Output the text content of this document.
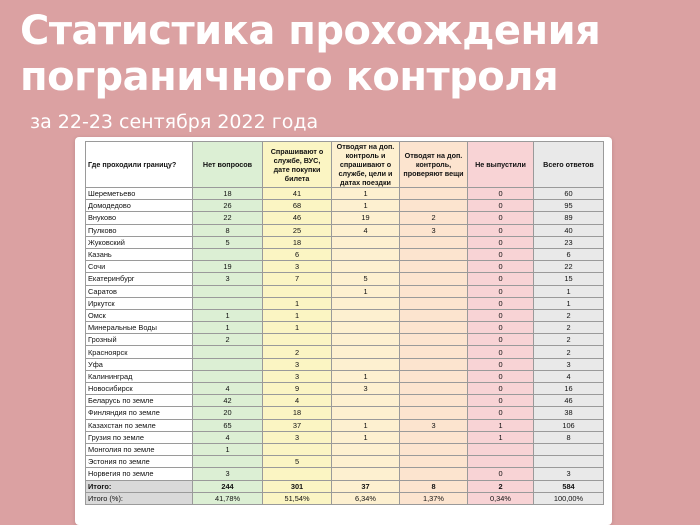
Статистика прохождения
пограничного контроля
за 22-23 сентября 2022 года
Где проходили границу?	Нет вопросов	Спрашивают о службе, ВУС, дате покупки билета	Отводят на доп. контроль и спрашивают о службе, цели и датах поездки	Отводят на доп. контроль, проверяют вещи	Не выпустили	Всего ответов
Шереметьево	18	41	1		0	60
Домодедово	26	68	1		0	95
Внуково	22	46	19	2	0	89
Пулково	8	25	4	3	0	40
Жуковский	5	18			0	23
Казань		6			0	6
Сочи	19	3			0	22
Екатеринбург	3	7	5		0	15
Саратов			1		0	1
Иркутск		1			0	1
Омск	1	1			0	2
Минеральные Воды	1	1			0	2
Грозный	2				0	2
Красноярск		2			0	2
Уфа		3			0	3
Калининград		3	1		0	4
Новосибирск	4	9	3		0	16
Беларусь по земле	42	4			0	46
Финляндия по земле	20	18			0	38
Казахстан по земле	65	37	1	3	1	106
Грузия по земле	4	3	1		1	8
Монголия по земле	1					
Эстония по земле		5				
Норвегия по земле	3				0	3
Итого:	244	301	37	8	2	584
Итого (%):	41,78%	51,54%	6,34%	1,37%	0,34%	100,00%
